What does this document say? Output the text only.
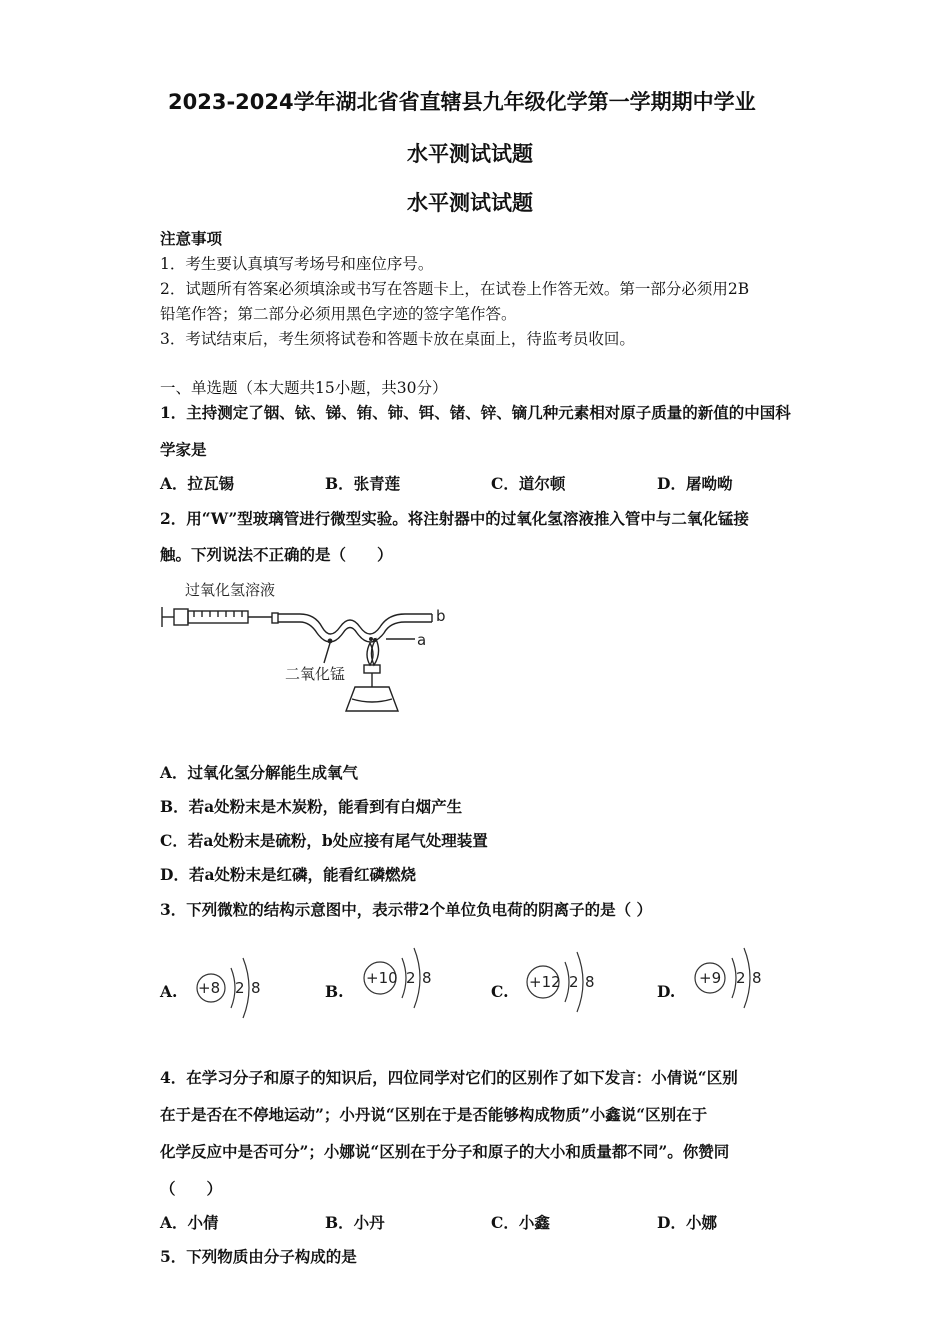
2023-2024学年湖北省省直辖县九年级化学第一学期期中学业
水平测试试题
水平测试试题
注意事项
1．考生要认真填写考场号和座位序号。
2．试题所有答案必须填涂或书写在答题卡上，在试卷上作答无效。第一部分必须用2B
铅笔作答；第二部分必须用黑色字迹的签字笔作答。
3．考试结束后，考生须将试卷和答题卡放在桌面上，待监考员收回。
一、单选题（本大题共15小题，共30分）
1．主持测定了铟、铱、锑、铕、铈、铒、锗、锌、镝几种元素相对原子质量的新值的中国科
学家是
A．拉瓦锡	B．张青莲	C．道尔顿	D．屠呦呦
2．用“W”型玻璃管进行微型实验。将注射器中的过氧化氢溶液推入管中与二氧化锰接
触。下列说法不正确的是（　　）
过氧化氢溶液
b
a
二氧化锰
A．过氧化氢分解能生成氧气
B．若a处粉末是木炭粉，能看到有白烟产生
C．若a处粉末是硫粉，b处应接有尾气处理装置
D．若a处粉末是红磷，能看红磷燃烧
3．下列微粒的结构示意图中，表示带2个单位负电荷的阴离子的是（ ）
A. +8 2 8	B.
+10 2 8
C. +12 2 8	D.
+9 2 8
4．在学习分子和原子的知识后，四位同学对它们的区别作了如下发言：小倩说“区别
在于是否在不停地运动”；小丹说“区别在于是否能够构成物质”小鑫说“区别在于
化学反应中是否可分”；小娜说“区别在于分子和原子的大小和质量都不同”。你赞同
（　　）
A．小倩	B．小丹	C．小鑫	D．小娜
5．下列物质由分子构成的是
